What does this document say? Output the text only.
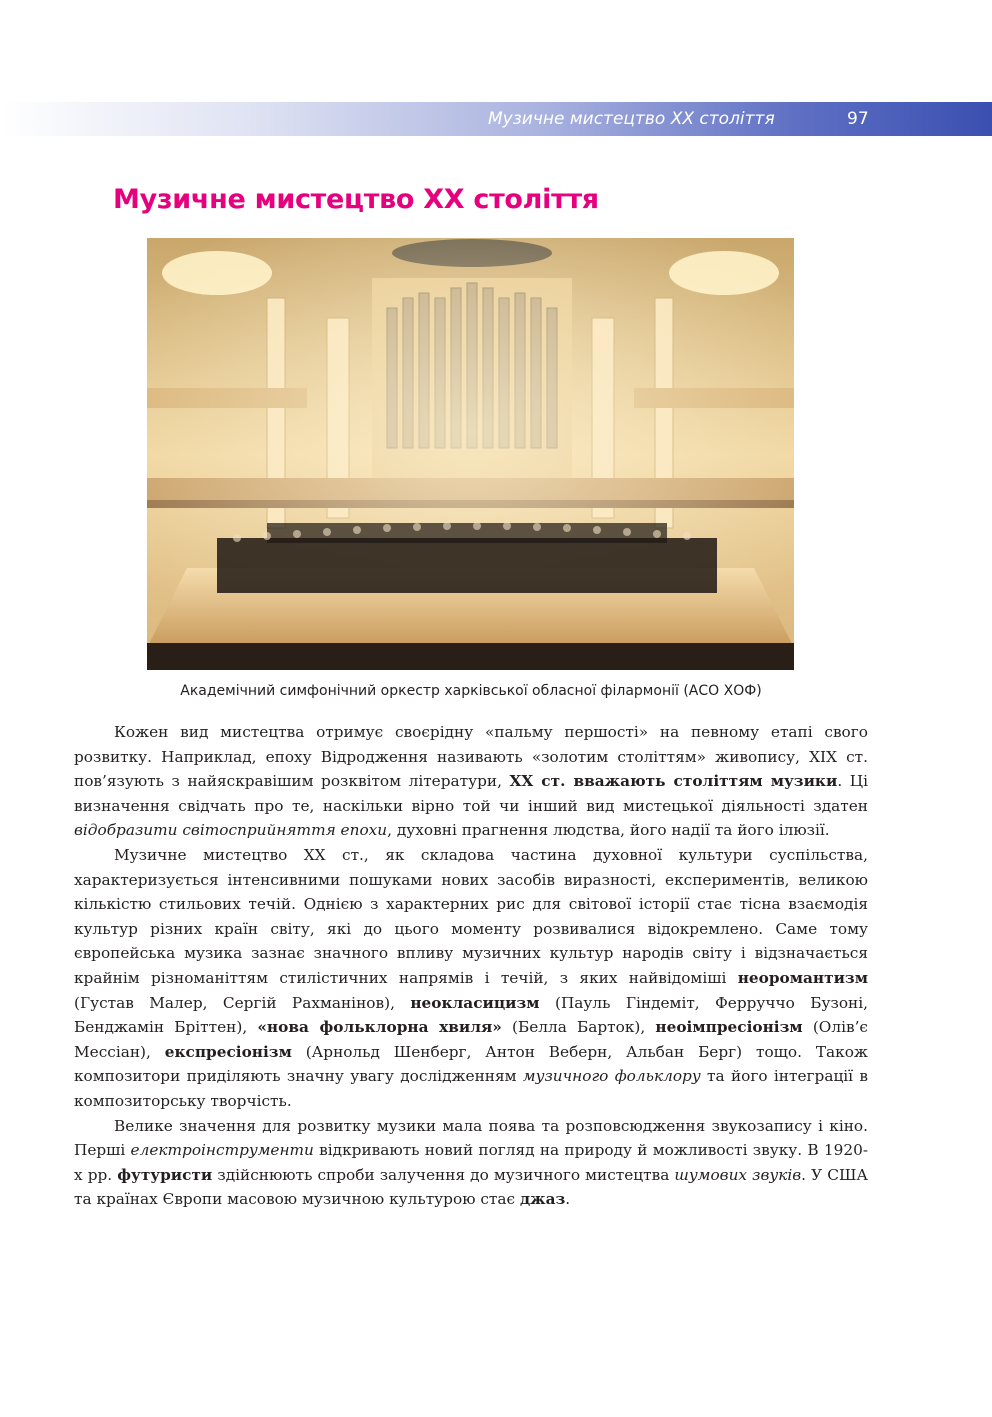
Музичне мистецтво XX століття	97
Музичне мистецтво XX століття
Академічний симфонічний оркестр харківської обласної філармонії (АСО ХОФ)

Кожен вид мистецтва отримує своєрідну «пальму першості» на певному етапі свого розвитку. Наприклад, епоху Відродження називають «золотим століттям» живопису, XIX ст. пов’язують з найяскравішим розквітом літератури, XX ст. вважають століттям музики. Ці визначення свідчать про те, наскільки вірно той чи інший вид мистецької діяльності здатен відобразити світосприйняття епохи, духовні прагнення людства, його надії та його ілюзії.

Музичне мистецтво XX ст., як складова частина духовної культури суспільства, характеризується інтенсивними пошуками нових засобів виразності, експериментів, великою кількістю стильових течій. Однією з характерних рис для світової історії стає тісна взаємодія культур різних країн світу, які до цього моменту розвивалися відокремлено. Саме тому європейська музика зазнає значного впливу музичних культур народів світу і відзначається крайнім різноманіттям стилістичних напрямів і течій, з яких найвідоміші неоромантизм (Густав Малер, Сергій Рахманінов), неокласицизм (Пауль Гіндеміт, Ферруччо Бузоні, Бенджамін Бріттен), «нова фольклорна хвиля» (Белла Барток), неоімпресіонізм (Олів’є Мессіан), експресіонізм (Арнольд Шенберг, Антон Веберн, Альбан Берг) тощо. Також композитори приділяють значну увагу дослідженням музичного фольклору та його інтеграції в композиторську творчість.

Велике значення для розвитку музики мала поява та розповсюдження звукозапису і кіно. Перші електроінструменти відкривають новий погляд на природу й можливості звуку. В 1920-х рр. футуристи здійснюють спроби залучення до музичного мистецтва шумових звуків. У США та країнах Європи масовою музичною культурою стає джаз.
